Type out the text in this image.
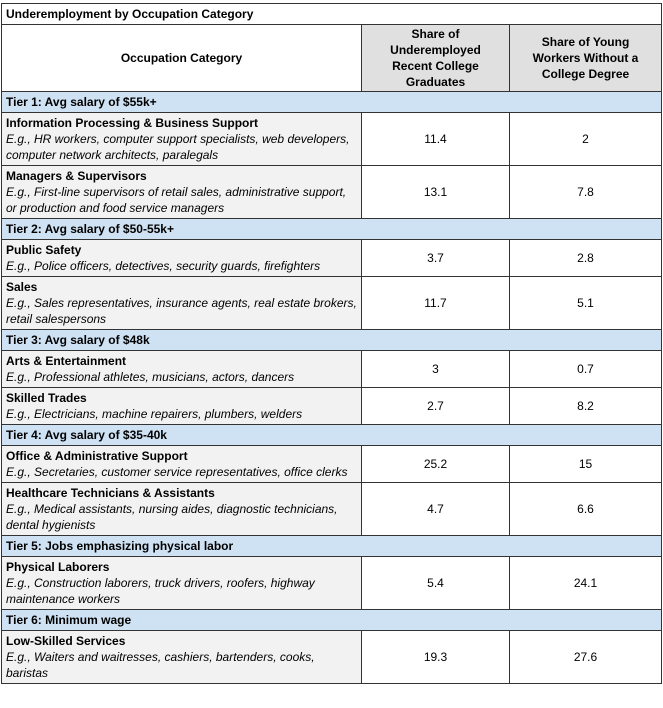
Underemployment by Occupation Category		
Occupation Category	Share of Underemployed Recent College Graduates	Share of Young Workers Without a College Degree
Tier 1: Avg salary of $55k+		

Information Processing & Business Support
E.g., HR workers, computer support specialists, web developers, computer network architects, paralegals	11.4	2

Managers & Supervisors
E.g., First-line supervisors of retail sales, administrative support, or production and food service managers	13.1	7.8
Tier 2: Avg salary of $50-55k+		

Public Safety
E.g., Police officers, detectives, security guards, firefighters	3.7	2.8

Sales
E.g., Sales representatives, insurance agents, real estate brokers, retail salespersons	11.7	5.1
Tier 3: Avg salary of $48k		

Arts & Entertainment
E.g., Professional athletes, musicians, actors, dancers	3	0.7

Skilled Trades
E.g., Electricians, machine repairers, plumbers, welders	2.7	8.2
Tier 4: Avg salary of $35-40k		

Office & Administrative Support
E.g., Secretaries, customer service representatives, office clerks	25.2	15

Healthcare Technicians & Assistants
E.g., Medical assistants, nursing aides, diagnostic technicians, dental hygienists	4.7	6.6
Tier 5: Jobs emphasizing physical labor		

Physical Laborers
E.g., Construction laborers, truck drivers, roofers, highway maintenance workers	5.4	24.1
Tier 6: Minimum wage		

Low-Skilled Services
E.g., Waiters and waitresses, cashiers, bartenders, cooks, baristas	19.3	27.6
